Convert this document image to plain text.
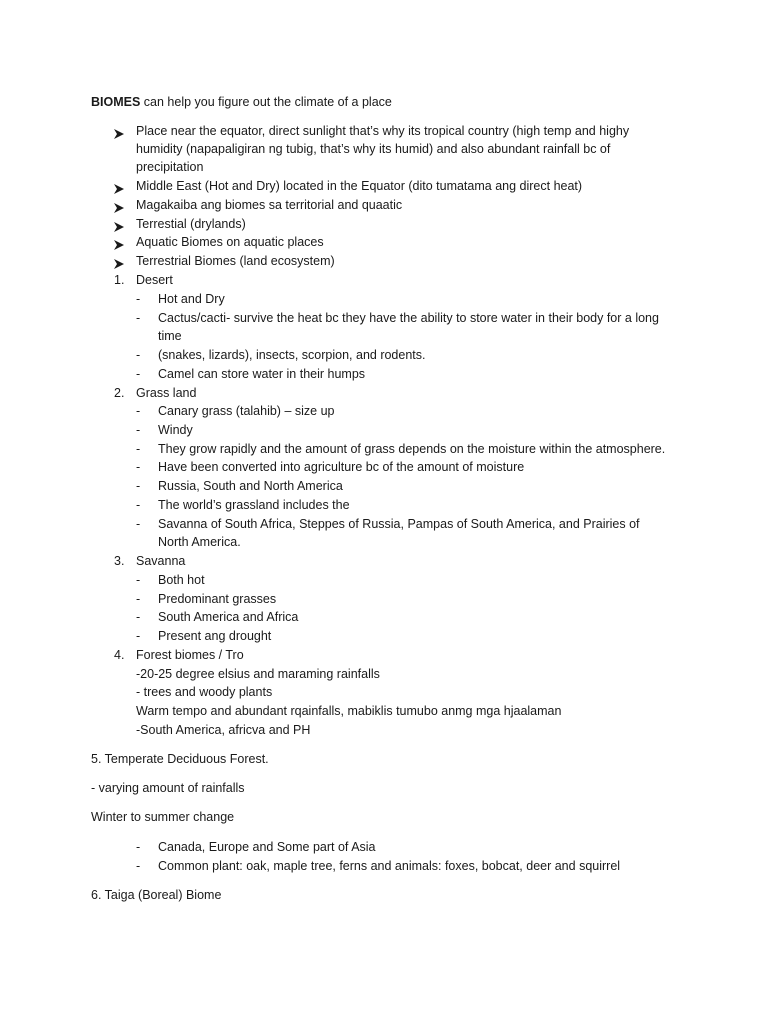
BIOMES can help you figure out the climate of a place
Place near the equator, direct sunlight that’s why its tropical country (high temp and highy
humidity (napapaligiran ng tubig, that’s why its humid) and also abundant rainfall bc of
precipitation
Middle East (Hot and Dry) located in the Equator (dito tumatama ang direct heat)
Magakaiba ang biomes sa territorial and quaatic
Terrestial (drylands)
Aquatic Biomes on aquatic places
Terrestrial Biomes (land ecosystem)
1. Desert
- Hot and Dry
- Cactus/cacti- survive the heat bc they have the ability to store water in their body for a long
time
- (snakes, lizards), insects, scorpion, and rodents.
- Camel can store water in their humps
2. Grass land
- Canary grass (talahib) – size up
- Windy
- They grow rapidly and the amount of grass depends on the moisture within the atmosphere.
- Have been converted into agriculture bc of the amount of moisture
- Russia, South and North America
- The world’s grassland includes the
- Savanna of South Africa, Steppes of Russia, Pampas of South America, and Prairies of
North America.
3. Savanna
- Both hot
- Predominant grasses
- South America and Africa
- Present ang drought
4. Forest biomes / Tro
-20-25 degree elsius and maraming rainfalls
- trees and woody plants
Warm tempo and abundant rqainfalls, mabiklis tumubo anmg mga hjaalaman
-South America, africva and PH
5. Temperate Deciduous Forest.
- varying amount of rainfalls
Winter to summer change
- Canada, Europe and Some part of Asia
- Common plant: oak, maple tree, ferns and animals: foxes, bobcat, deer and squirrel
6. Taiga (Boreal) Biome
